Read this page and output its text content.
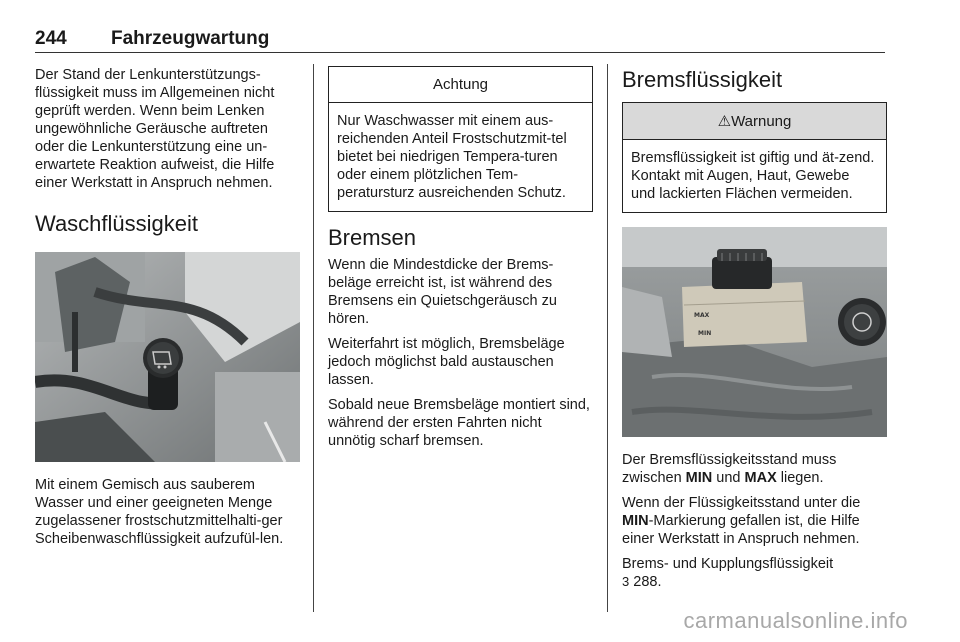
244 Fahrzeugwartung

Der Stand der Lenkunterstützungs-flüssigkeit muss im Allgemeinen nicht geprüft werden. Wenn beim Lenken ungewöhnliche Geräusche auftreten oder die Lenkunterstützung eine un-erwartete Reaktion aufweist, die Hilfe einer Werkstatt in Anspruch nehmen.

Waschflüssigkeit

Mit einem Gemisch aus sauberem Wasser und einer geeigneten Menge zugelassener frostschutzmittelhalti-ger Scheibenwaschflüssigkeit aufzufül-len.

Achtung
Nur Waschwasser mit einem aus-reichenden Anteil Frostschutzmit-tel bietet bei niedrigen Tempera-turen oder einem plötzlichen Tem-peratursturz ausreichenden Schutz.
Bremsen

Wenn die Mindestdicke der Brems-beläge erreicht ist, ist während des Bremsens ein Quietschgeräusch zu hören.

Weiterfahrt ist möglich, Bremsbeläge jedoch möglichst bald austauschen lassen.

Sobald neue Bremsbeläge montiert sind, während der ersten Fahrten nicht unnötig scharf bremsen.

Bremsflüssigkeit
⚠Warnung
Bremsflüssigkeit ist giftig und ät-zend. Kontakt mit Augen, Haut, Gewebe und lackierten Flächen vermeiden.
MAX
MIN

Der Bremsflüssigkeitsstand muss zwischen MIN und MAX liegen.

Wenn der Flüssigkeitsstand unter die MIN-Markierung gefallen ist, die Hilfe einer Werkstatt in Anspruch nehmen.

Brems- und Kupplungsflüssigkeit
3 288.

carmanualsonline.info
